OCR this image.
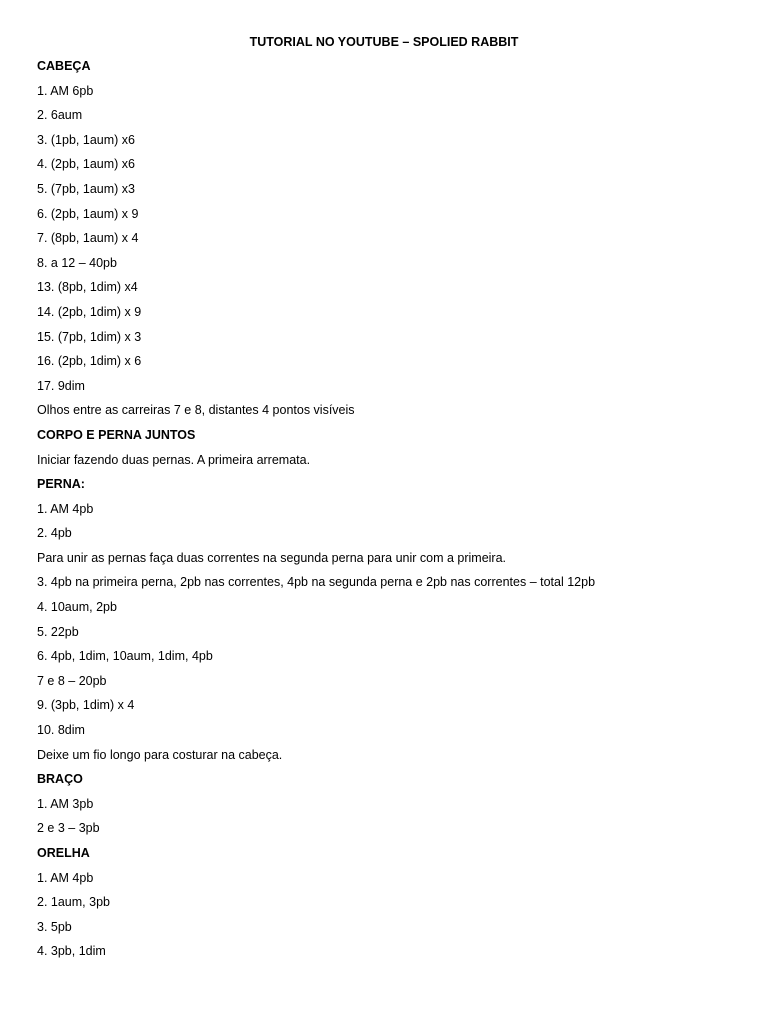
TUTORIAL NO YOUTUBE – SPOLIED RABBIT
CABEÇA
1. AM 6pb
2. 6aum
3. (1pb, 1aum) x6
4. (2pb, 1aum) x6
5. (7pb, 1aum) x3
6. (2pb, 1aum) x 9
7. (8pb, 1aum) x 4
8. a 12 – 40pb
13. (8pb, 1dim) x4
14. (2pb, 1dim) x 9
15. (7pb, 1dim) x 3
16. (2pb, 1dim) x 6
17. 9dim
Olhos entre as carreiras 7 e 8, distantes 4 pontos visíveis
CORPO E PERNA JUNTOS
Iniciar fazendo duas pernas. A primeira arremata.
PERNA:
1. AM 4pb
2. 4pb
Para unir as pernas faça duas correntes na segunda perna para unir com a primeira.
3. 4pb na primeira perna, 2pb nas correntes, 4pb na segunda perna e 2pb nas correntes – total 12pb
4. 10aum, 2pb
5. 22pb
6. 4pb, 1dim, 10aum, 1dim, 4pb
7 e 8 – 20pb
9. (3pb, 1dim) x 4
10. 8dim
Deixe um fio longo para costurar na cabeça.
BRAÇO
1. AM 3pb
2 e 3 – 3pb
ORELHA
1. AM 4pb
2. 1aum, 3pb
3. 5pb
4. 3pb, 1dim
